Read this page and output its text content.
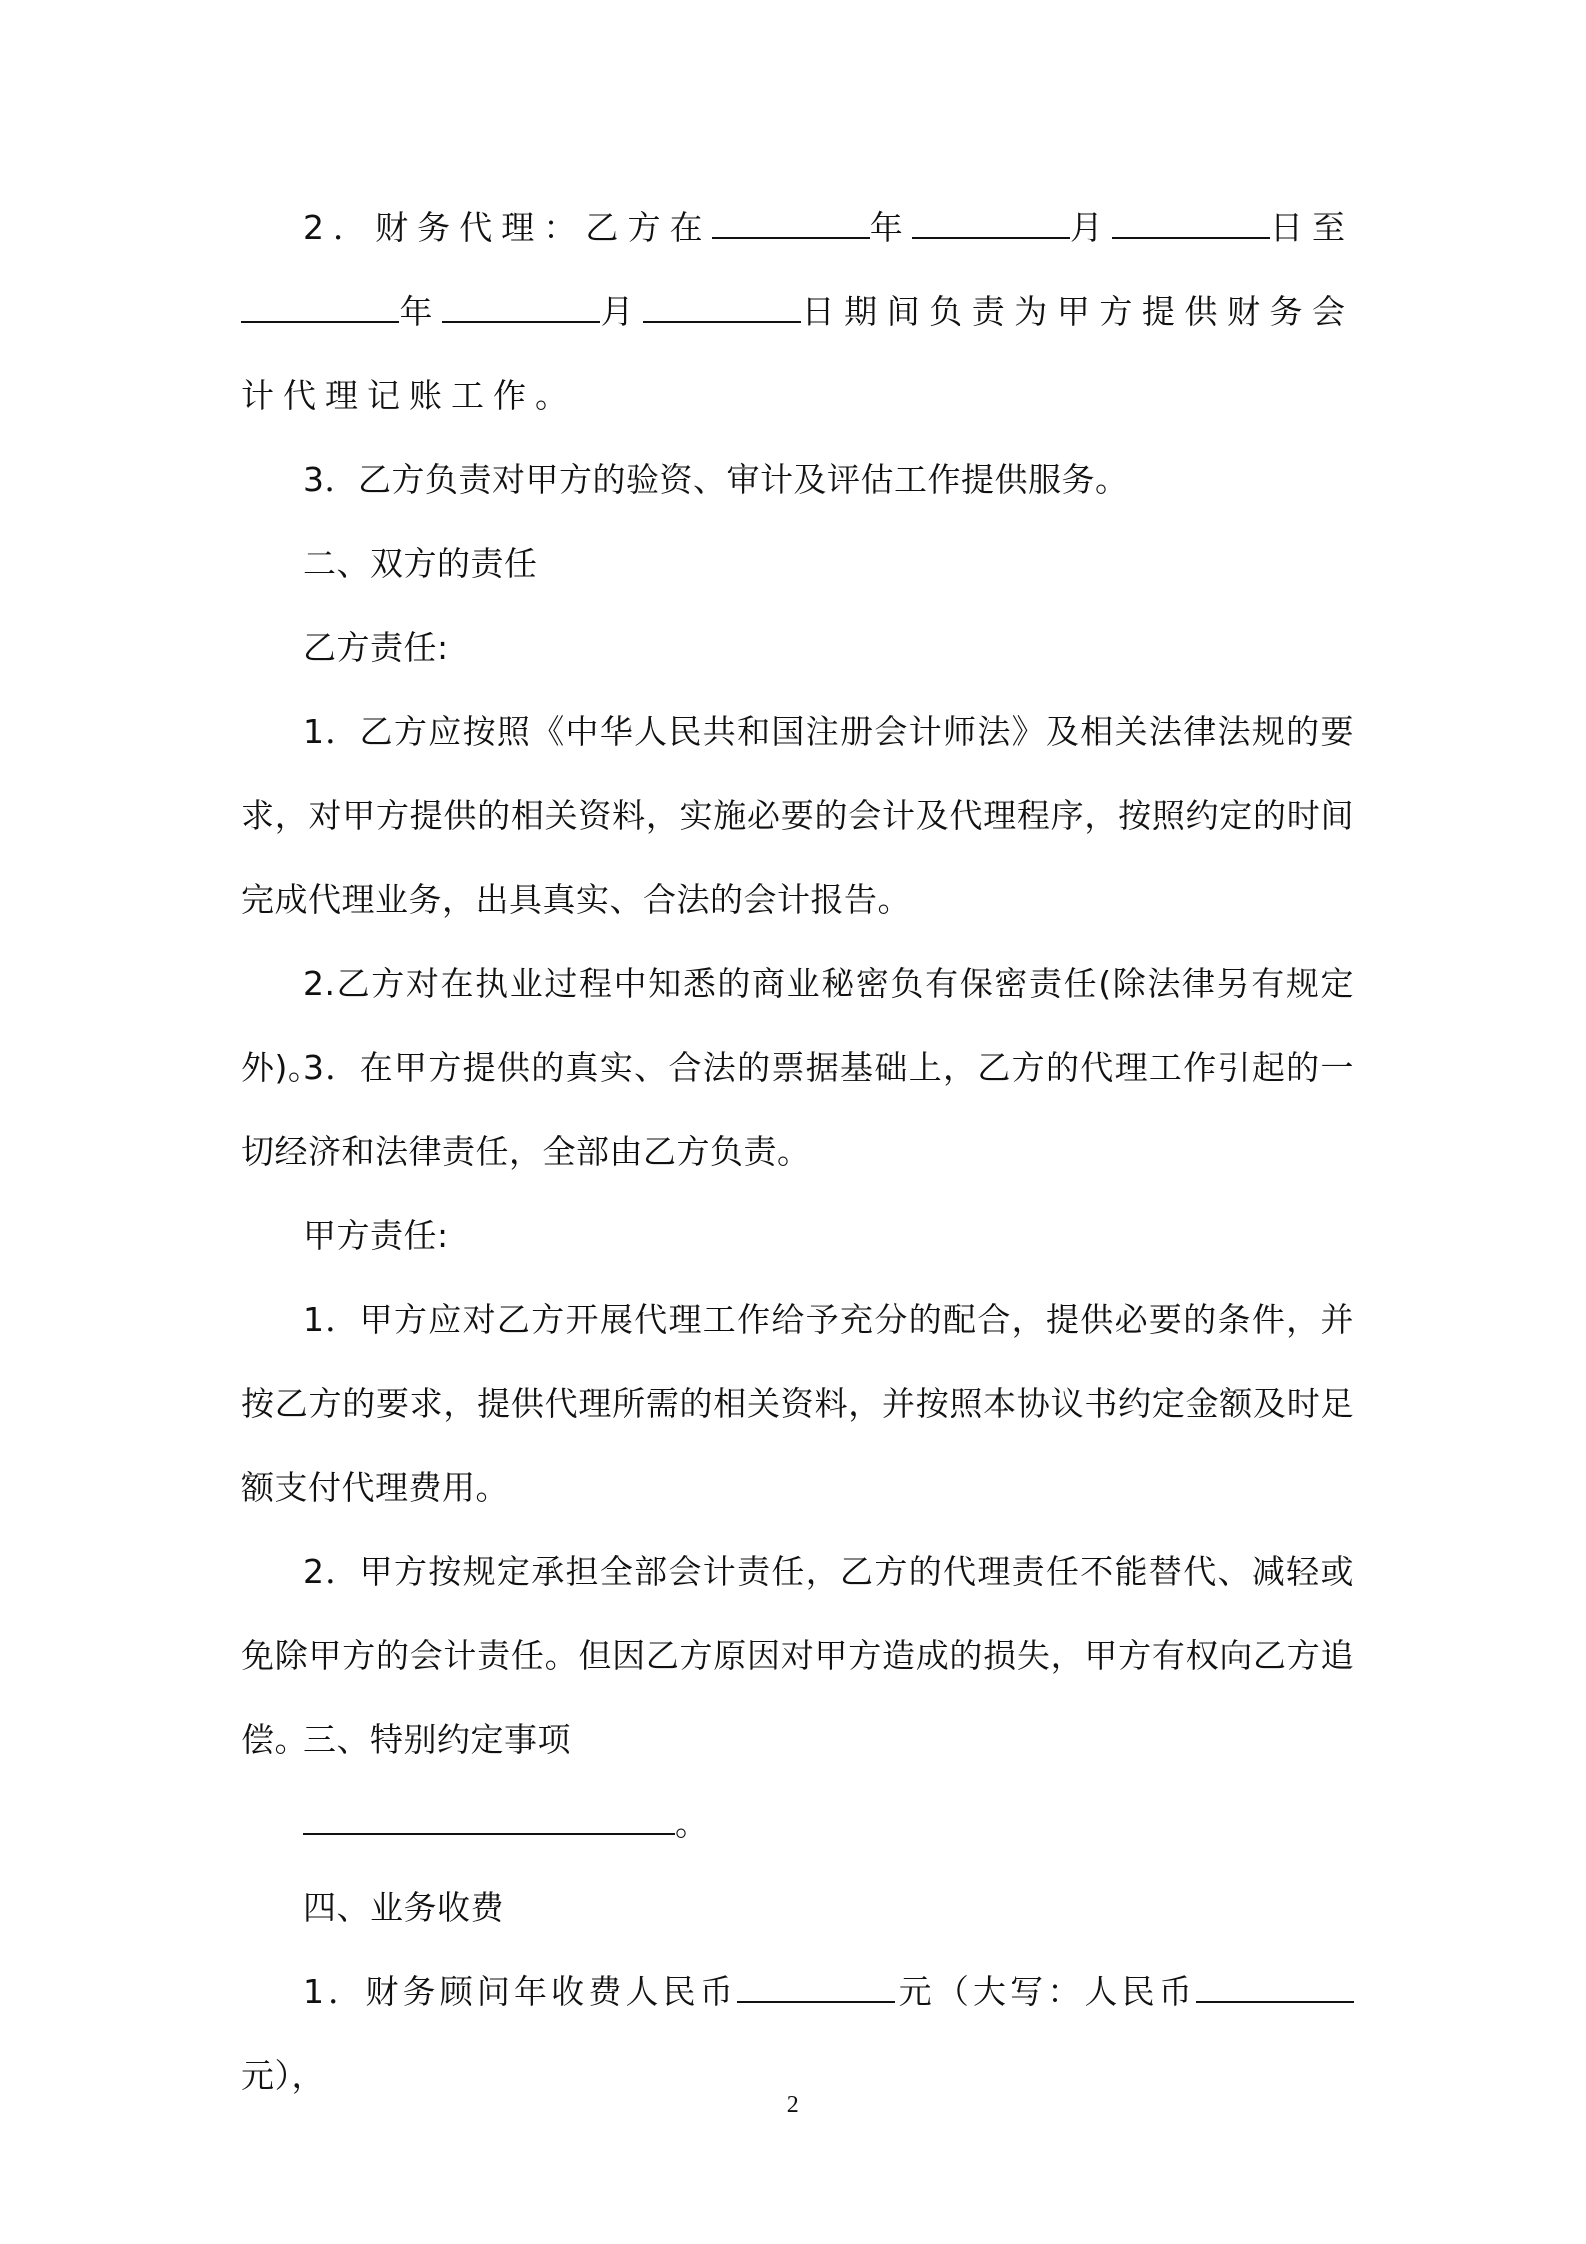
2．财务代理：乙方在	年	月	日至年	月	日期间负责为甲方提供财务会计代理记账工作。

3．乙方负责对甲方的验资、审计及评估工作提供服务。

二、双方的责任

乙方责任:

1．乙方应按照《中华人民共和国注册会计师法》及相关法律法规的要求，对甲方提供的相关资料，实施必要的会计及代理程序，按照约定的时间完成代理业务，出具真实、合法的会计报告。

2.乙方对在执业过程中知悉的商业秘密负有保密责任(除法律另有规定外)。

3．在甲方提供的真实、合法的票据基础上，乙方的代理工作引起的一切经济和法律责任，全部由乙方负责。

甲方责任:

1．甲方应对乙方开展代理工作给予充分的配合，提供必要的条件，并按乙方的要求，提供代理所需的相关资料，并按照本协议书约定金额及时足额支付代理费用。

2．甲方按规定承担全部会计责任，乙方的代理责任不能替代、减轻或免除甲方的会计责任。但因乙方原因对甲方造成的损失，甲方有权向乙方追偿。

三、特别约定事项

。

四、业务收费

1．财务顾问年收费人民币	元（大写：人民币元），

2
